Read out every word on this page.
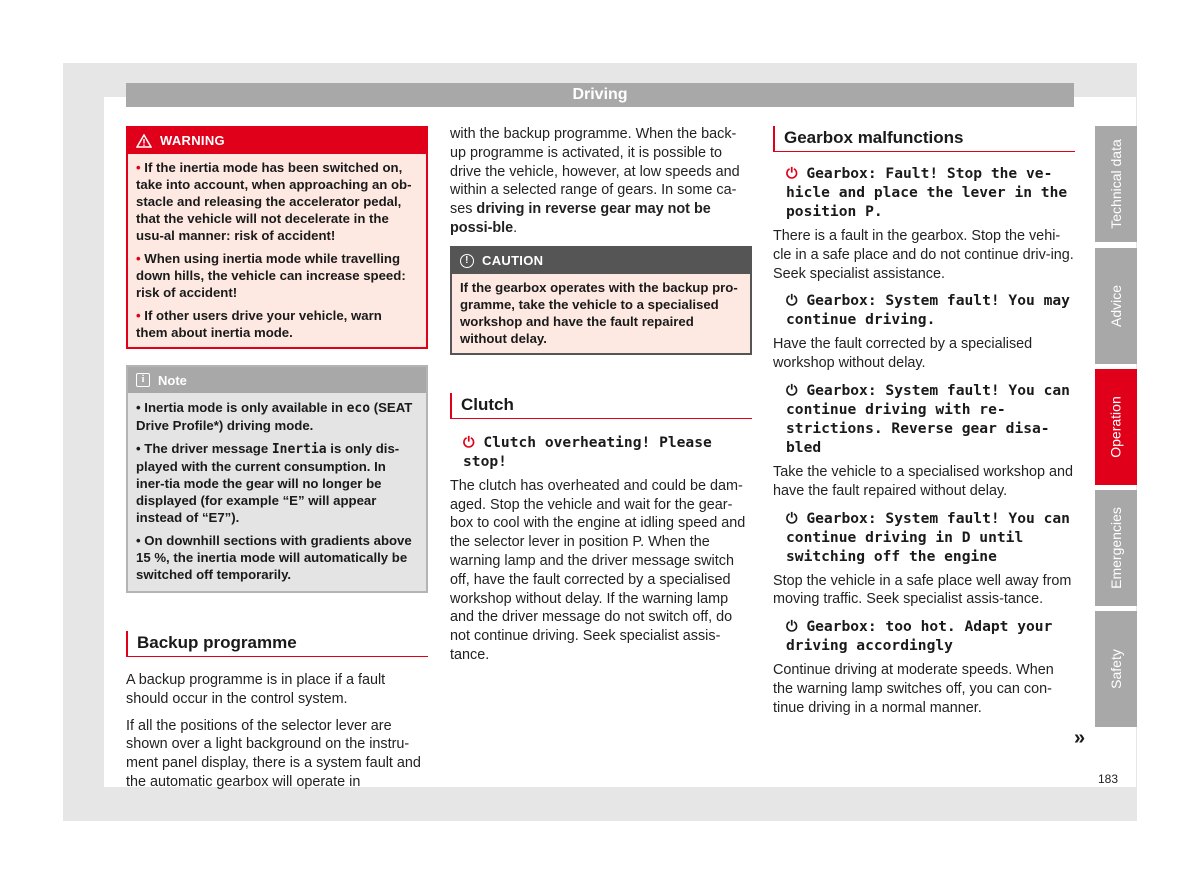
Driving
WARNING

• If the inertia mode has been switched on, take into account, when approaching an ob-stacle and releasing the accelerator pedal, that the vehicle will not decelerate in the usu-al manner: risk of accident!

• When using inertia mode while travelling down hills, the vehicle can increase speed: risk of accident!

• If other users drive your vehicle, warn them about inertia mode.

i	Note

• Inertia mode is only available in eco (SEAT Drive Profile*) driving mode.

• The driver message Inertia is only dis-played with the current consumption. In iner-tia mode the gear will no longer be displayed (for example “E” will appear instead of “E7”).

• On downhill sections with gradients above 15 %, the inertia mode will automatically be switched off temporarily.

Backup programme

A backup programme is in place if a fault should occur in the control system.

If all the positions of the selector lever are shown over a light background on the instru-ment panel display, there is a system fault and the automatic gearbox will operate in

with the backup programme. When the back-up programme is activated, it is possible to drive the vehicle, however, at low speeds and within a selected range of gears. In some ca-ses driving in reverse gear may not be possi-ble.

!	CAUTION
If the gearbox operates with the backup pro-gramme, take the vehicle to a specialised workshop and have the fault repaired without delay.
Clutch
⏻ Clutch overheating! Please stop!

The clutch has overheated and could be dam-aged. Stop the vehicle and wait for the gear-box to cool with the engine at idling speed and the selector lever in position P. When the warning lamp and the driver message switch off, have the fault corrected by a specialised workshop without delay. If the warning lamp and the driver message do not switch off, do not continue driving. Seek specialist assis-tance.

Gearbox malfunctions
⏻ Gearbox: Fault! Stop the ve-hicle and place the lever in the position P.

There is a fault in the gearbox. Stop the vehi-cle in a safe place and do not continue driv-ing. Seek specialist assistance.

⏻ Gearbox: System fault! You may continue driving.

Have the fault corrected by a specialised workshop without delay.

⏻ Gearbox: System fault! You can continue driving with re-strictions. Reverse gear disa-bled

Take the vehicle to a specialised workshop and have the fault repaired without delay.

⏻ Gearbox: System fault! You can continue driving in D until switching off the engine

Stop the vehicle in a safe place well away from moving traffic. Seek specialist assis-tance.

⏻ Gearbox: too hot. Adapt your driving accordingly

Continue driving at moderate speeds. When the warning lamp switches off, you can con-tinue driving in a normal manner.

Technical data
Advice
Operation
Emergencies
Safety
»
183
